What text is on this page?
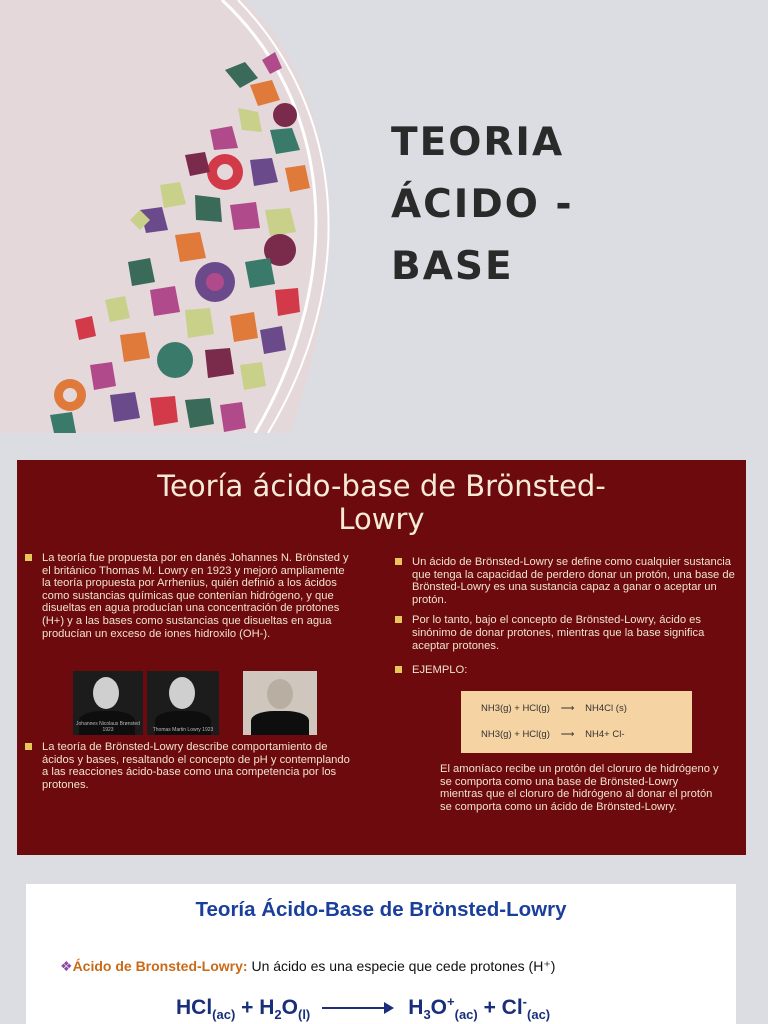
TEORIA
ÁCIDO -
BASE
Teoría ácido-base de Brönsted-
Lowry
La teoría fue propuesta por en danés Johannes N. Brönsted y el británico Thomas M. Lowry en 1923 y mejoró ampliamente la teoría propuesta por Arrhenius, quién definió a los ácidos como sustancias químicas que contenían hidrógeno, y que disueltas en agua producían una concentración de protones (H+) y a las bases como sustancias que disueltas en agua producían un exceso de iones hidroxilo (OH-).
Johannes Nicolaus Brønsted 1923	Thomas Martin Lowry 1923
La teoría de Brönsted-Lowry describe comportamiento de ácidos y bases, resaltando el concepto de pH y contemplando a las reacciones ácido-base como una competencia por los protones.
Un ácido de Brönsted-Lowry se define como cualquier sustancia que tenga la capacidad de perdero donar un protón, una base de Brönsted-Lowry es una sustancia capaz a ganar o aceptar un protón.
Por lo tanto, bajo el concepto de Brönsted-Lowry, ácido es sinónimo de donar protones, mientras que la base significa aceptar protones.
EJEMPLO:
NH3(g) + HCl(g) ⟶ NH4Cl (s)
NH3(g) + HCl(g) ⟶ NH4+ Cl-
El amoníaco recibe un protón del cloruro de hidrógeno y se comporta como una base de Brönsted-Lowry mientras que el cloruro de hidrógeno al donar el protón se comporta como un ácido de Brönsted-Lowry.
Teoría Ácido-Base de Brönsted-Lowry
❖Ácido de Bronsted-Lowry: Un ácido es una especie que cede protones (H⁺)
$HCl_{(ac)} + H_2O_{(l)} \to H_3O^+_{(ac)} + Cl^-_{(ac)}$
